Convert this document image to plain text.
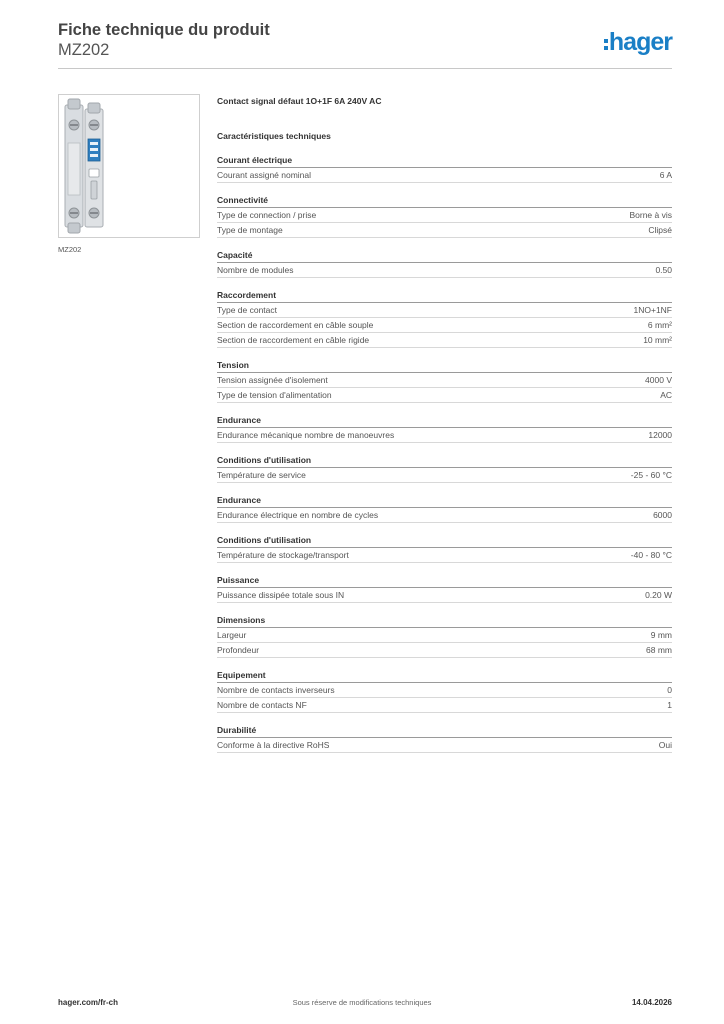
Fiche technique du produit

MZ202	hager
MZ202
Contact signal défaut 1O+1F 6A 240V AC
Caractéristiques techniques
Courant électrique
Courant assigné nominal	6 A
Connectivité
Type de connection / prise	Borne à vis
Type de montage	Clipsé
Capacité
Nombre de modules	0.50
Raccordement
Type de contact	1NO+1NF
Section de raccordement en câble souple	6 mm²
Section de raccordement en câble rigide	10 mm²
Tension
Tension assignée d'isolement	4000 V
Type de tension d'alimentation	AC
Endurance
Endurance mécanique nombre de manoeuvres	12000
Conditions d'utilisation
Température de service	-25 - 60 °C
Endurance
Endurance électrique en nombre de cycles	6000
Conditions d'utilisation
Température de stockage/transport	-40 - 80 °C
Puissance
Puissance dissipée totale sous IN	0.20 W
Dimensions
Largeur	9 mm
Profondeur	68 mm
Equipement
Nombre de contacts inverseurs	0
Nombre de contacts NF	1
Durabilité
Conforme à la directive RoHS	Oui
hager.com/fr-ch	Sous réserve de modifications techniques	14.04.2026
